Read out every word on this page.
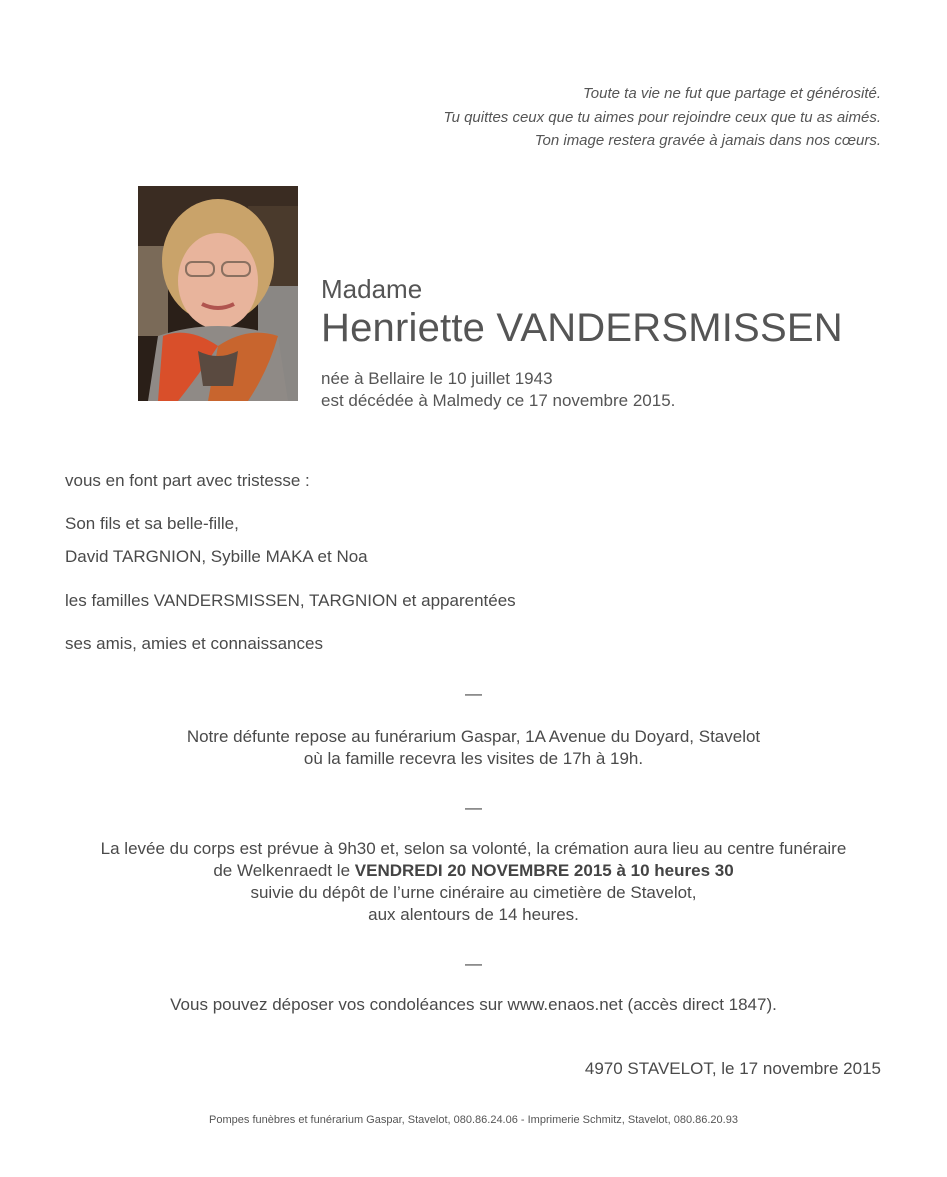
Toute ta vie ne fut que partage et générosité.
Tu quittes ceux que tu aimes pour rejoindre ceux que tu as aimés.
Ton image restera gravée à jamais dans nos cœurs.
Madame
Henriette VANDERSMISSEN
née à Bellaire le 10 juillet 1943
est décédée à Malmedy ce 17 novembre 2015.

vous en font part avec tristesse :

Son fils et sa belle-fille,

David TARGNION, Sybille MAKA et Noa

les familles VANDERSMISSEN, TARGNION et apparentées

ses amis, amies et connaissances

—
Notre défunte repose au funérarium Gaspar, 1A Avenue du Doyard, Stavelot
où la famille recevra les visites de 17h à 19h.
—
La levée du corps est prévue à 9h30 et, selon sa volonté, la crémation aura lieu au centre funéraire
de Welkenraedt le VENDREDI 20 NOVEMBRE 2015 à 10 heures 30
suivie du dépôt de l’urne cinéraire au cimetière de Stavelot,
aux alentours de 14 heures.
—
Vous pouvez déposer vos condoléances sur www.enaos.net (accès direct 1847).
4970 STAVELOT, le 17 novembre 2015
Pompes funèbres et funérarium Gaspar, Stavelot, 080.86.24.06 - Imprimerie Schmitz, Stavelot, 080.86.20.93
